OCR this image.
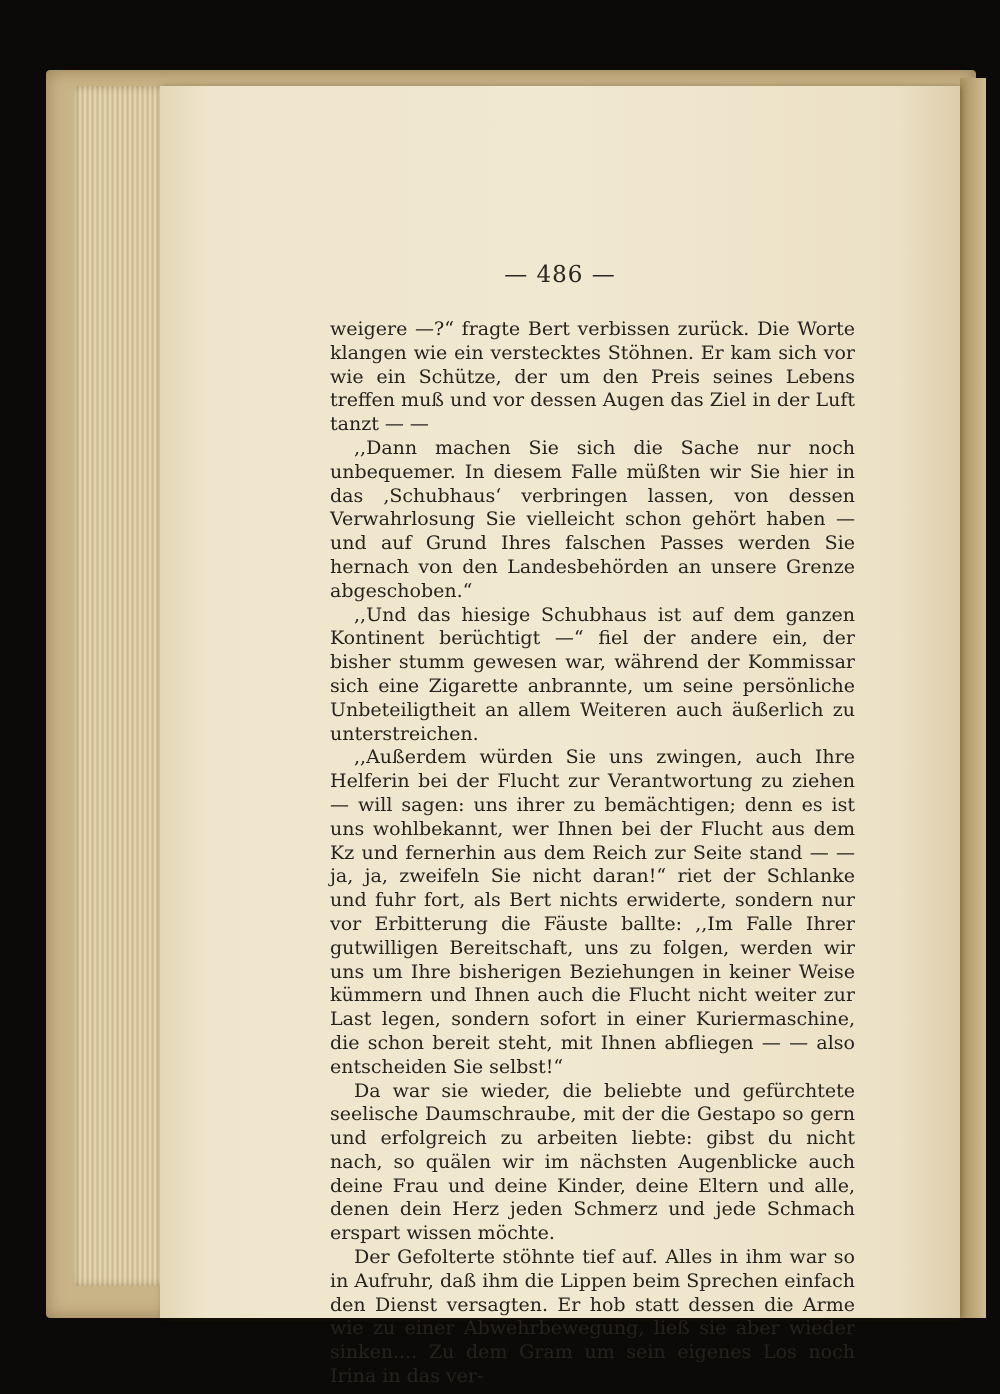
— 486 —

weigere —?“ fragte Bert verbissen zurück. Die Worte klangen wie ein verstecktes Stöhnen. Er kam sich vor wie ein Schütze, der um den Preis seines Lebens treffen muß und vor dessen Augen das Ziel in der Luft tanzt — —

,,Dann machen Sie sich die Sache nur noch unbequemer. In diesem Falle müßten wir Sie hier in das ‚Schubhaus‘ verbringen lassen, von dessen Verwahrlosung Sie vielleicht schon gehört haben — und auf Grund Ihres falschen Passes werden Sie hernach von den Landesbehörden an unsere Grenze abgeschoben.“

,,Und das hiesige Schubhaus ist auf dem ganzen Kontinent berüchtigt —“ fiel der andere ein, der bisher stumm gewesen war, während der Kommissar sich eine Zigarette anbrannte, um seine persönliche Unbeteiligtheit an allem Weiteren auch äußerlich zu unterstreichen.

,,Außerdem würden Sie uns zwingen, auch Ihre Helferin bei der Flucht zur Verantwortung zu ziehen — will sagen: uns ihrer zu bemächtigen; denn es ist uns wohlbekannt, wer Ihnen bei der Flucht aus dem Kz und fernerhin aus dem Reich zur Seite stand — — ja, ja, zweifeln Sie nicht daran!“ riet der Schlanke und fuhr fort, als Bert nichts erwiderte, sondern nur vor Erbitterung die Fäuste ballte: ,,Im Falle Ihrer gutwilligen Bereitschaft, uns zu folgen, werden wir uns um Ihre bisherigen Beziehungen in keiner Weise kümmern und Ihnen auch die Flucht nicht weiter zur Last legen, sondern sofort in einer Kuriermaschine, die schon bereit steht, mit Ihnen abfliegen — — also entscheiden Sie selbst!“

Da war sie wieder, die beliebte und gefürchtete seelische Daumschraube, mit der die Gestapo so gern und erfolgreich zu arbeiten liebte: gibst du nicht nach, so quälen wir im nächsten Augenblicke auch deine Frau und deine Kinder, deine Eltern und alle, denen dein Herz jeden Schmerz und jede Schmach erspart wissen möchte.

Der Gefolterte stöhnte tief auf. Alles in ihm war so in Aufruhr, daß ihm die Lippen beim Sprechen einfach den Dienst versagten. Er hob statt dessen die Arme wie zu einer Abwehrbewegung, ließ sie aber wieder sinken.... Zu dem Gram um sein eigenes Los noch Irina in das ver-
